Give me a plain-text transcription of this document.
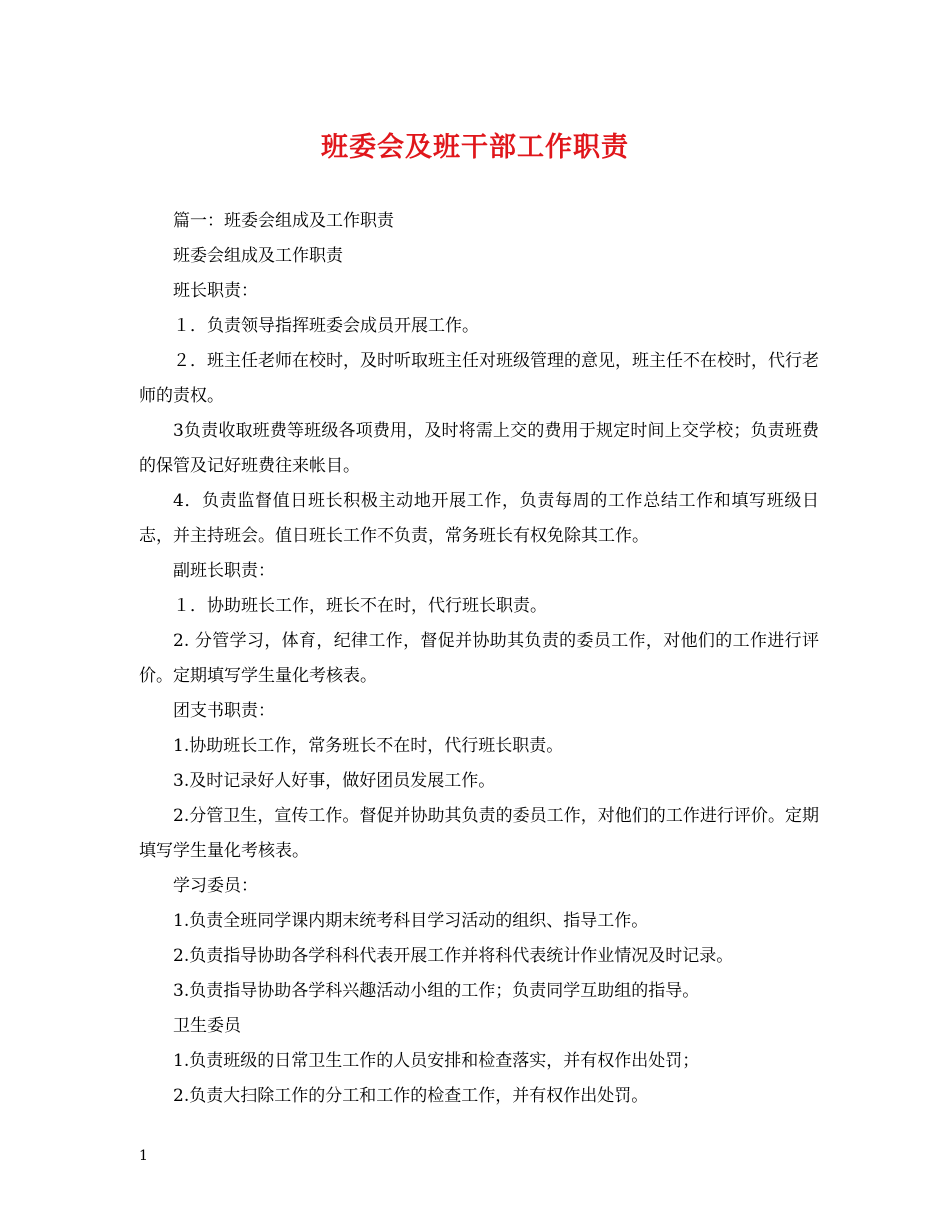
班委会及班干部工作职责

篇一：班委会组成及工作职责

班委会组成及工作职责

班长职责：

１．负责领导指挥班委会成员开展工作。

２．班主任老师在校时，及时听取班主任对班级管理的意见，班主任不在校时，代行老师的责权。

3负责收取班费等班级各项费用，及时将需上交的费用于规定时间上交学校；负责班费的保管及记好班费往来帐目。

4．负责监督值日班长积极主动地开展工作，负责每周的工作总结工作和填写班级日志，并主持班会。值日班长工作不负责，常务班长有权免除其工作。

副班长职责：

１．协助班长工作，班长不在时，代行班长职责。

2. 分管学习，体育，纪律工作，督促并协助其负责的委员工作，对他们的工作进行评价。定期填写学生量化考核表。

团支书职责：

1.协助班长工作，常务班长不在时，代行班长职责。

3.及时记录好人好事，做好团员发展工作。

2.分管卫生，宣传工作。督促并协助其负责的委员工作，对他们的工作进行评价。定期填写学生量化考核表。

学习委员：

1.负责全班同学课内期末统考科目学习活动的组织、指导工作。

2.负责指导协助各学科科代表开展工作并将科代表统计作业情况及时记录。

3.负责指导协助各学科兴趣活动小组的工作；负责同学互助组的指导。

卫生委员

1.负责班级的日常卫生工作的人员安排和检查落实，并有权作出处罚；

2.负责大扫除工作的分工和工作的检查工作，并有权作出处罚。

1
